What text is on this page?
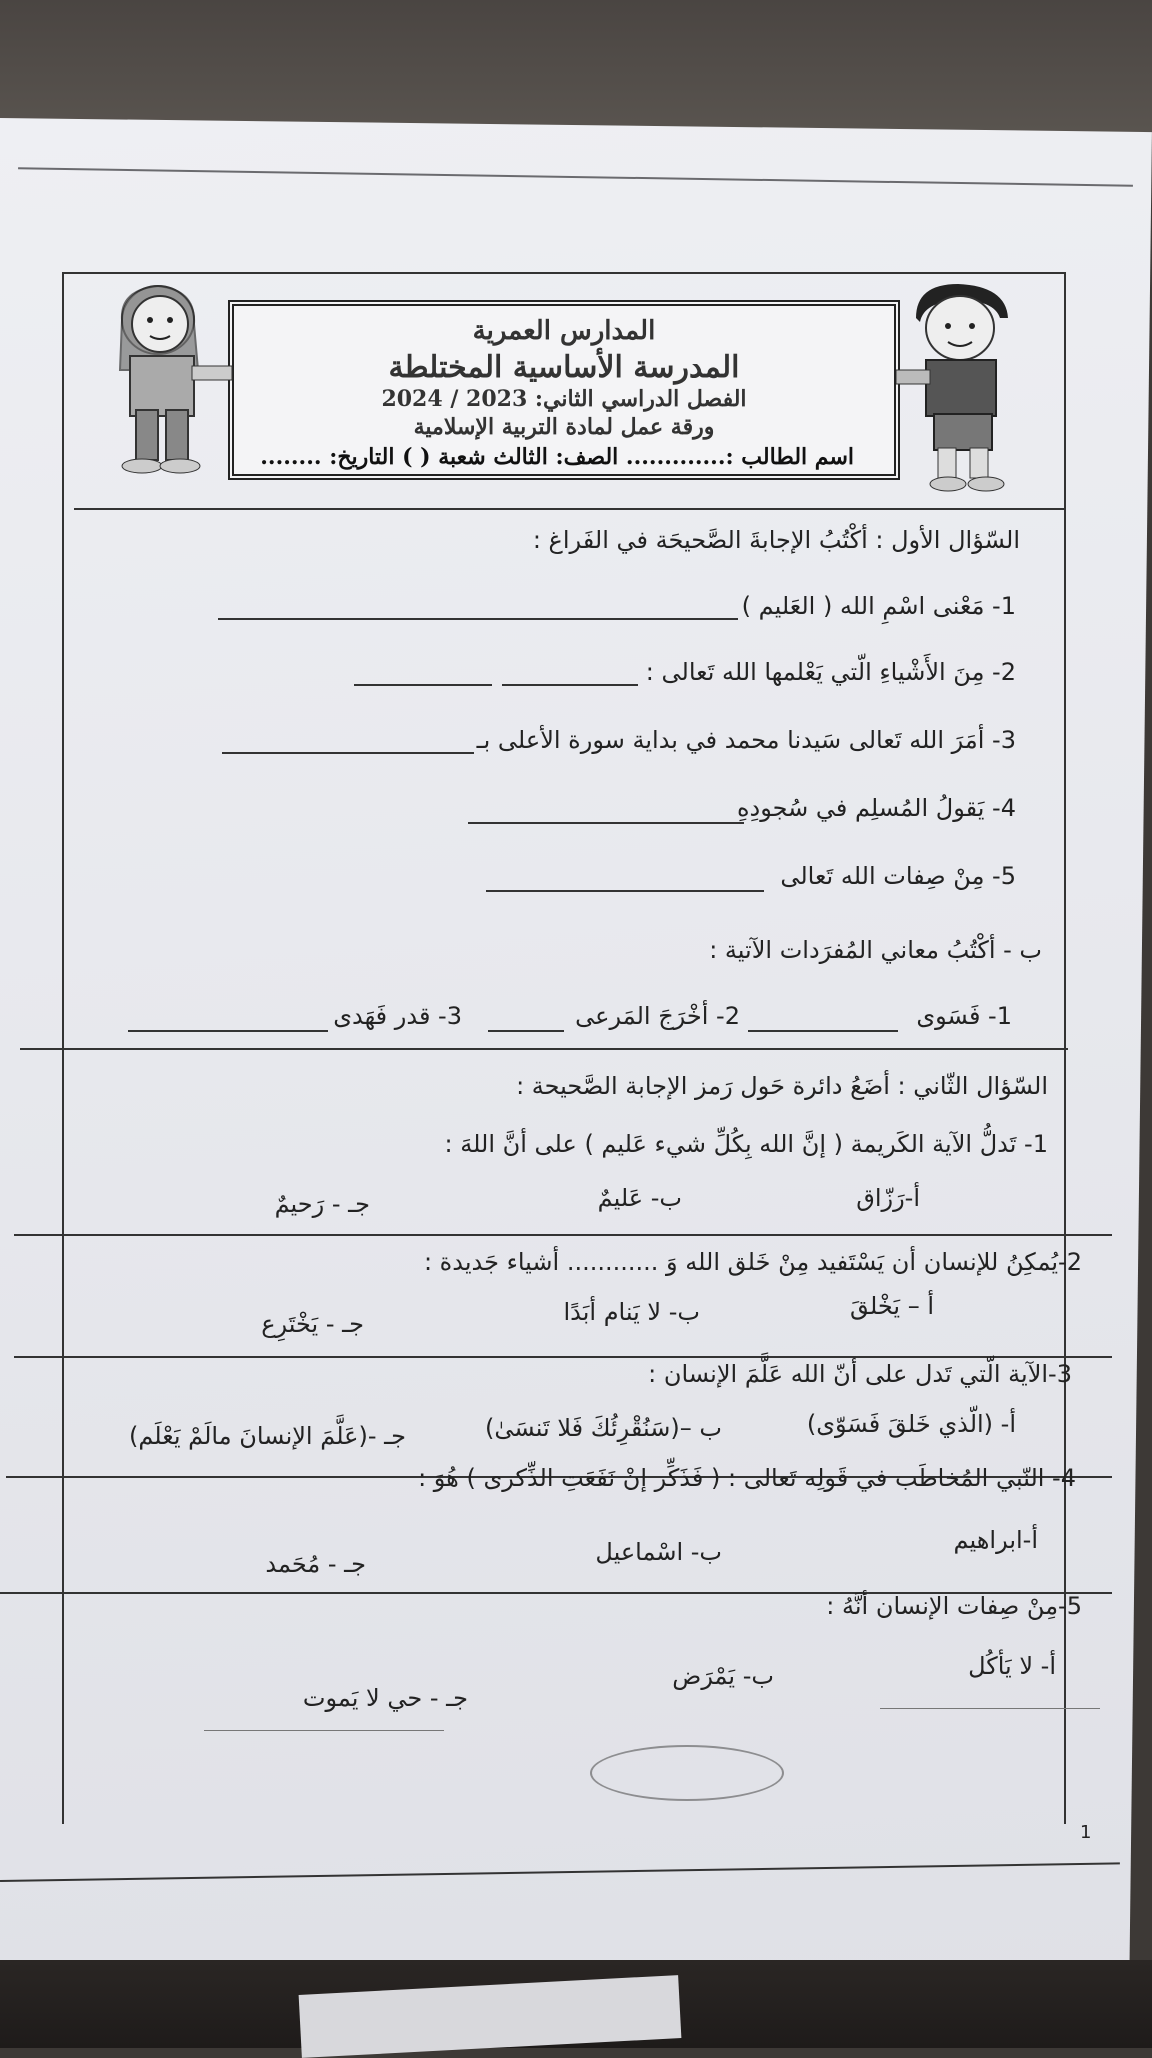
المدارس العمرية
المدرسة الأساسية المختلطة
الفصل الدراسي الثاني: 2023 / 2024
ورقة عمل لمادة التربية الإسلامية
اسم الطالب :............. الصف: الثالث شعبة ( ) التاريخ: ........
السّؤال الأول : أكْتُبُ الإجابةَ الصَّحيحَة في الفَراغ :
1- مَعْنى اسْمِ الله ( العَليم )
2- مِنَ الأَشْياءِ الّتي يَعْلمها الله تَعالى :
3- أمَرَ الله تَعالى سَيدنا محمد في بداية سورة الأعلى بـ
4- يَقولُ المُسلِم في سُجودِهِ
5- مِنْ صِفات الله تَعالى
ب - أكْتُبُ معاني المُفرَدات الآتية :
1- فَسَوى
2- أخْرَجَ المَرعى
3- قدر فَهَدى
السّؤال الثّاني : أضَعُ دائرة حَول رَمز الإجابة الصَّحيحة :
1- تَدلُّ الآية الكَريمة ( إنَّ الله بِكُلِّ شيء عَليم ) على أنَّ اللهَ :
أ-رَزّاق
ب- عَليمٌ
جـ - رَحيمٌ
2-يُمكِنُ للإنسان أن يَسْتَفيد مِنْ خَلق الله وَ ............ أشياء جَديدة :
أ – يَخْلقَ
ب- لا يَنام أبَدًا
جـ - يَخْتَرِع
3-الآية الّتي تَدل على أنّ الله عَلَّمَ الإنسان :
أ- (الّذي خَلقَ فَسَوّى)
ب –(سَنُقْرِئُكَ فَلا تَنسَىٰ)
جـ -(عَلَّمَ الإنسانَ مالَمْ يَعْلَم)
4- النّبي المُخاطَب في قَولِه تَعالى : ( فَذَكِّر إنْ نَفَعَتِ الذِّكرى ) هُوَ :
أ-ابراهيم
ب- اسْماعيل
جـ - مُحَمد
5-مِنْ صِفات الإنسان أنَّهُ :
أ- لا يَأكُل
ب- يَمْرَض
جـ - حي لا يَموت
1
